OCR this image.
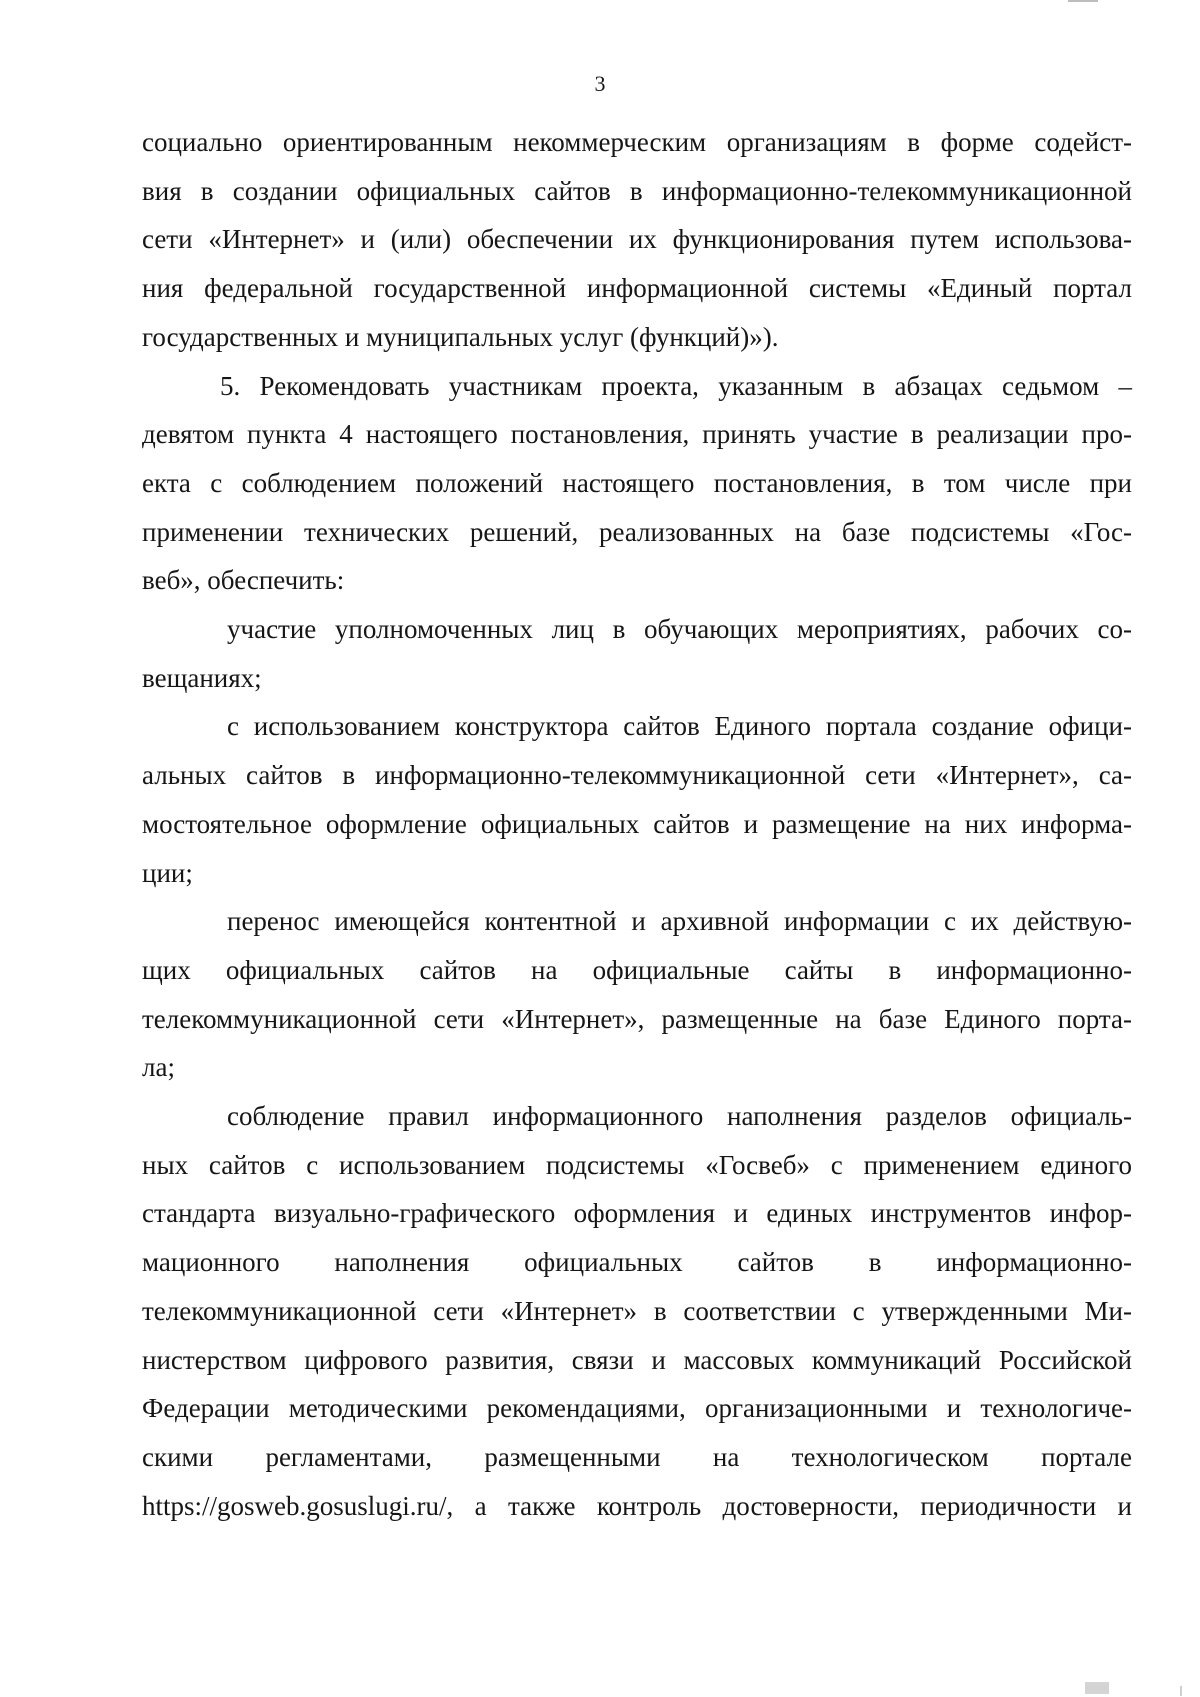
3

социально ориентированным некоммерческим организациям в форме содейст-
вия в создании официальных сайтов в информационно-телекоммуникационной
сети «Интернет» и (или) обеспечении их функционирования путем использова-
ния федеральной государственной информационной системы «Единый портал
государственных и муниципальных услуг (функций)»).

5. Рекомендовать участникам проекта, указанным в абзацах седьмом –
девятом пункта 4 настоящего постановления, принять участие в реализации про-
екта с соблюдением положений настоящего постановления, в том числе при
применении технических решений, реализованных на базе подсистемы «Гос-
веб», обеспечить:

участие уполномоченных лиц в обучающих мероприятиях, рабочих со-
вещаниях;

с использованием конструктора сайтов Единого портала создание офици-
альных сайтов в информационно-телекоммуникационной сети «Интернет», са-
мостоятельное оформление официальных сайтов и размещение на них информа-
ции;

перенос имеющейся контентной и архивной информации с их действую-
щих официальных сайтов на официальные сайты в информационно-
телекоммуникационной сети «Интернет», размещенные на базе Единого порта-
ла;

соблюдение правил информационного наполнения разделов официаль-
ных сайтов с использованием подсистемы «Госвеб» с применением единого
стандарта визуально-графического оформления и единых инструментов инфор-
мационного наполнения официальных сайтов в информационно-
телекоммуникационной сети «Интернет» в соответствии с утвержденными Ми-
нистерством цифрового развития, связи и массовых коммуникаций Российской
Федерации методическими рекомендациями, организационными и технологиче-
скими регламентами, размещенными на технологическом портале
https://gosweb.gosuslugi.ru/, а также контроль достоверности, периодичности и
